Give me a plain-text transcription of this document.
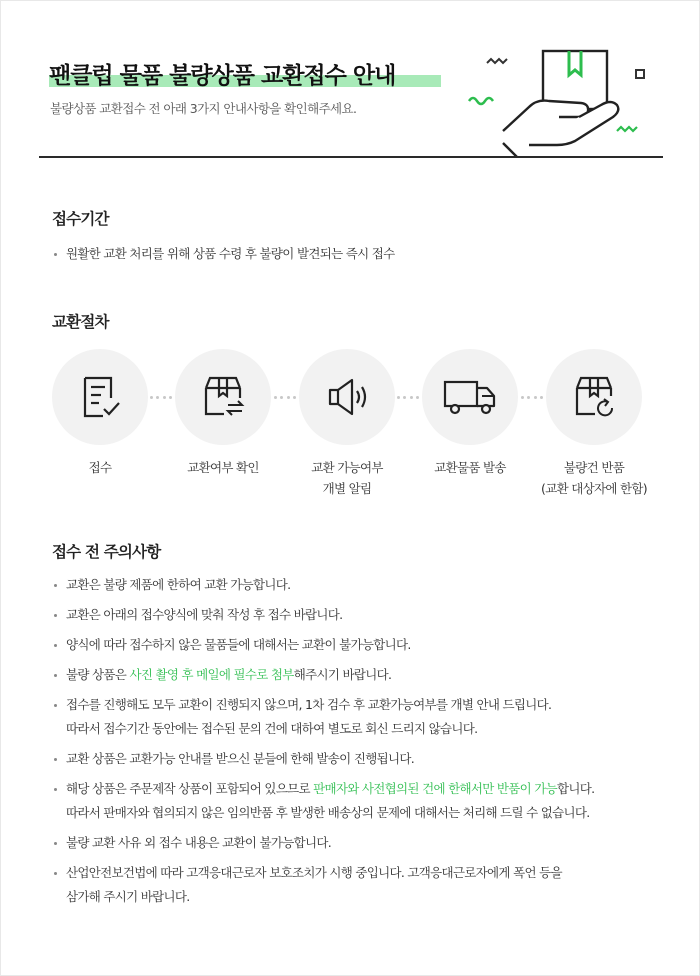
팬클럽 물품 불량상품 교환접수 안내
불량상품 교환접수 전 아래 3가지 안내사항을 확인해주세요.
접수기간
원활한 교환 처리를 위해 상품 수령 후 불량이 발견되는 즉시 접수
교환절차
접수	교환여부 확인	교환 가능여부
개별 알림
교환물품 발송	불량건 반품
(교환 대상자에 한함)
접수 전 주의사항
교환은 불량 제품에 한하여 교환 가능합니다.
교환은 아래의 접수양식에 맞춰 작성 후 접수 바랍니다.
양식에 따라 접수하지 않은 물품들에 대해서는 교환이 불가능합니다.
불량 상품은 사진 촬영 후 메일에 필수로 첨부해주시기 바랍니다.
접수를 진행해도 모두 교환이 진행되지 않으며, 1차 검수 후 교환가능여부를 개별 안내 드립니다.
따라서 접수기간 동안에는 접수된 문의 건에 대하여 별도로 회신 드리지 않습니다.
교환 상품은 교환가능 안내를 받으신 분들에 한해 발송이 진행됩니다.
해당 상품은 주문제작 상품이 포함되어 있으므로 판매자와 사전협의된 건에 한해서만 반품이 가능합니다.
따라서 판매자와 협의되지 않은 임의반품 후 발생한 배송상의 문제에 대해서는 처리해 드릴 수 없습니다.
불량 교환 사유 외 접수 내용은 교환이 불가능합니다.
산업안전보건법에 따라 고객응대근로자 보호조치가 시행 중입니다. 고객응대근로자에게 폭언 등을
삼가해 주시기 바랍니다.
